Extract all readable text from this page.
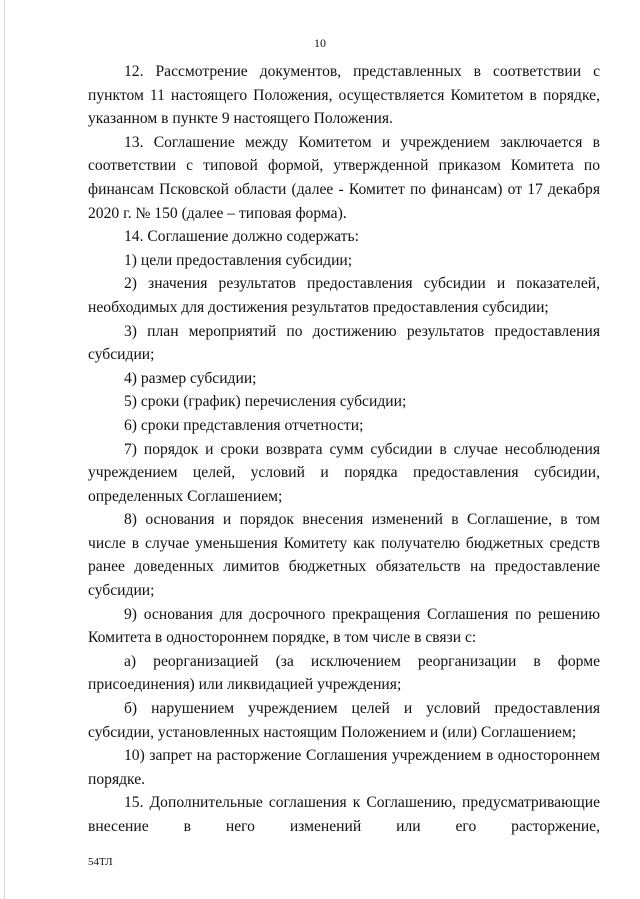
10

12. Рассмотрение документов, представленных в соответствии с пунктом 11 настоящего Положения, осуществляется Комитетом в порядке, указанном в пункте 9 настоящего Положения.

13. Соглашение между Комитетом и учреждением заключается в соответствии с типовой формой, утвержденной приказом Комитета по финансам Псковской области (далее - Комитет по финансам) от 17 декабря 2020 г. № 150 (далее – типовая форма).

14. Соглашение должно содержать:

1) цели предоставления субсидии;

2) значения результатов предоставления субсидии и показателей, необходимых для достижения результатов предоставления субсидии;

3) план мероприятий по достижению результатов предоставления субсидии;

4) размер субсидии;

5) сроки (график) перечисления субсидии;

6) сроки представления отчетности;

7) порядок и сроки возврата сумм субсидии в случае несоблюдения учреждением целей, условий и порядка предоставления субсидии, определенных Соглашением;

8) основания и порядок внесения изменений в Соглашение, в том числе в случае уменьшения Комитету как получателю бюджетных средств ранее доведенных лимитов бюджетных обязательств на предоставление субсидии;

9) основания для досрочного прекращения Соглашения по решению Комитета в одностороннем порядке, в том числе в связи с:

а) реорганизацией (за исключением реорганизации в форме присоединения) или ликвидацией учреждения;

б) нарушением учреждением целей и условий предоставления субсидии, установленных настоящим Положением и (или) Соглашением;

10) запрет на расторжение Соглашения учреждением в одностороннем порядке.

15. Дополнительные соглашения к Соглашению, предусматривающие внесение в него изменений или его расторжение,

54ТЛ
